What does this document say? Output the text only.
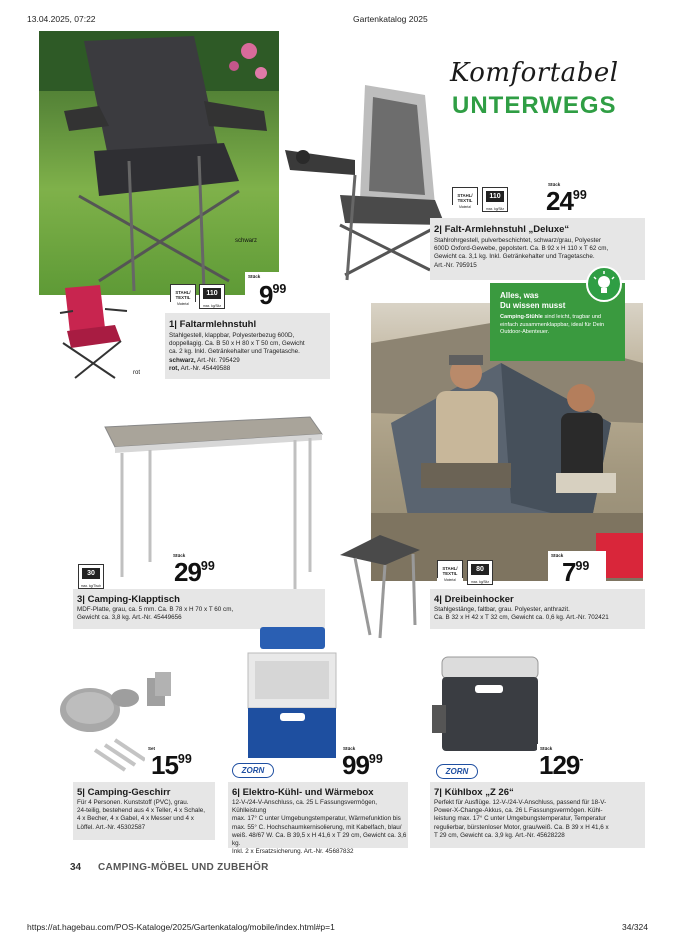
13.04.2025, 07:22	Gartenkatalog 2025
Komfortabel
UNTERWEGS
schwarz
rot
1| Faltarmlehnstuhl
Stahlgestell, klappbar, Polyesterbezug 600D,
doppellagig. Ca. B 50 x H 80 x T 50 cm, Gewicht
ca. 2 kg. Inkl. Getränkehalter und Tragetasche.
schwarz, Art.-Nr. 795429
rot, Art.-Nr. 45449588
STAHL/ TEXTIL
Material
110
max. kg/Sitz
Stück
$9^{99}$
STAHL/ TEXTIL
Material
110
max. kg/Sitz
Stück
$24^{99}$
2| Falt-Armlehnstuhl „Deluxe“
Stahlrohrgestell, pulverbeschichtet, schwarz/grau, Polyester
600D Oxford-Gewebe, gepolstert. Ca. B 92 x H 110 x T 62 cm,
Gewicht ca. 3,1 kg. Inkl. Getränkehalter und Tragetasche.
Art.-Nr. 795915
Alles, was
Du wissen musst
Camping-Stühle sind leicht, tragbar und einfach zusammenklappbar, ideal für Dein Outdoor-Abenteuer.
30
max. kg/Tisch
Stück
$29^{99}$
3| Camping-Klapptisch
MDF-Platte, grau, ca. 5 mm. Ca. B 78 x H 70 x T 60 cm,
Gewicht ca. 3,8 kg. Art.-Nr. 45449656
STAHL/ TEXTIL
Material
80
max. kg/Sitz
Stück
$7^{99}$
4| Dreibeinhocker
Stahlgestänge, faltbar, grau. Polyester, anthrazit.
Ca. B 32 x H 42 x T 32 cm, Gewicht ca. 0,6 kg. Art.-Nr. 702421
Set
$15^{99}$
5| Camping-Geschirr
Für 4 Personen. Kunststoff (PVC), grau.
24-teilig, bestehend aus 4 x Teller, 4 x Schale,
4 x Becher, 4 x Gabel, 4 x Messer und 4 x
Löffel. Art.-Nr. 45302587
ZORN
Stück
$99^{99}$
6| Elektro-Kühl- und Wärmebox
12-V-/24-V-Anschluss, ca. 25 L Fassungsvermögen, Kühlleistung
max. 17° C unter Umgebungstemperatur, Wärmefunktion bis
max. 55° C. Hochschaumkernisolierung, mit Kabelfach, blau/
weiß. 48/67 W. Ca. B 39,5 x H 41,6 x T 29 cm, Gewicht ca. 3,6 kg.
Inkl. 2 x Ersatzsicherung. Art.-Nr. 45687832
ZORN
Stück
129-
7| Kühlbox „Z 26“
Perfekt für Ausflüge. 12-V-/24-V-Anschluss, passend für 18-V-
Power-X-Change-Akkus, ca. 26 L Fassungsvermögen. Kühl-
leistung max. 17° C unter Umgebungstemperatur, Temperatur
regulierbar, bürstenloser Motor, grau/weiß. Ca. B 39 x H 41,6 x
T 29 cm, Gewicht ca. 3,9 kg. Art.-Nr. 45628228
34 CAMPING-MÖBEL UND ZUBEHÖR
https://at.hagebau.com/POS-Kataloge/2025/Gartenkatalog/mobile/index.html#p=1	34/324
